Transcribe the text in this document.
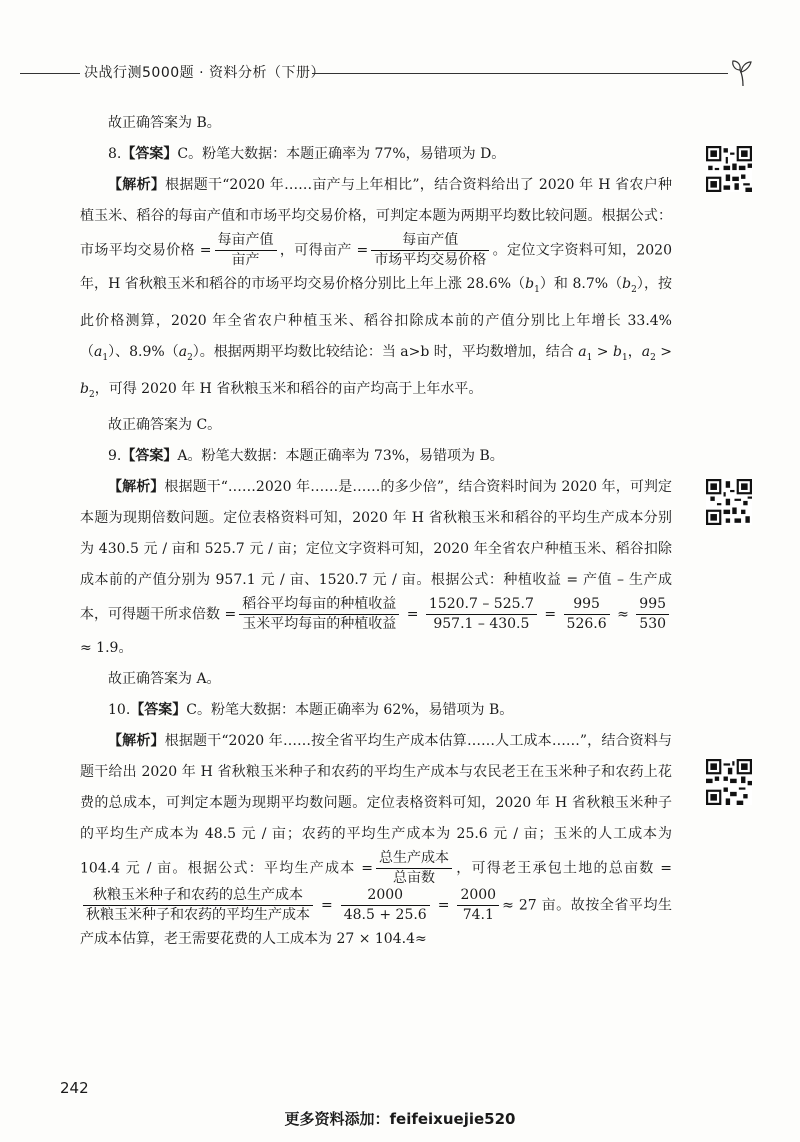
决战行测5000题 · 资料分析（下册）

故正确答案为 B。

8.【答案】C。粉笔大数据：本题正确率为 77%，易错项为 D。

【解析】根据题干“2020 年……亩产与上年相比”，结合资料给出了 2020 年 H 省农户种植玉米、稻谷的每亩产值和市场平均交易价格，可判定本题为两期平均数比较问题。根据公式：市场平均交易价格 = $\frac{\text{每亩产值}}{\text{亩产}}$ ，可得亩产 = $\frac{\text{每亩产值}}{\text{市场平均交易价格}}$ 。定位文字资料可知，2020 年，H 省秋粮玉米和稻谷的市场平均交易价格分别比上年上涨 $28.6\%(b_1)$和 $8.7\%(b_2)$，按此价格测算，2020 年全省农户种植玉米、稻谷扣除成本前的产值分别比上年增长 $33.4\%(a_1)$、$8.9\%(a_2)$。根据两期平均数比较结论：当 a>b 时，平均数增加，结合 $a_1 > b_1$，$a_2 > b_2$，可得 2020 年 H 省秋粮玉米和稻谷的亩产均高于上年水平。

故正确答案为 C。

9.【答案】A。粉笔大数据：本题正确率为 73%，易错项为 B。

【解析】根据题干“……2020 年……是……的多少倍”，结合资料时间为 2020 年，可判定本题为现期倍数问题。定位表格资料可知，2020 年 H 省秋粮玉米和稻谷的平均生产成本分别为 430.5 元 / 亩和 525.7 元 / 亩；定位文字资料可知，2020 年全省农户种植玉米、稻谷扣除成本前的产值分别为 957.1 元 / 亩、1520.7 元 / 亩。根据公式：种植收益 = 产值 – 生产成本，可得题干所求倍数 = $\frac{\text{稻谷平均每亩的种植收益}}{\text{玉米平均每亩的种植收益}} = \frac{1520.7 - 525.7}{957.1 - 430.5} = \frac{995}{526.6} \approx \frac{995}{530}$
≈ 1.9。

故正确答案为 A。

10.【答案】C。粉笔大数据：本题正确率为 62%，易错项为 B。

【解析】根据题干“2020 年……按全省平均生产成本估算……人工成本……”，结合资料与题干给出 2020 年 H 省秋粮玉米种子和农药的平均生产成本与农民老王在玉米种子和农药上花费的总成本，可判定本题为现期平均数问题。定位表格资料可知，2020 年 H 省秋粮玉米种子的平均生产成本为 48.5 元 / 亩；农药的平均生产成本为 25.6 元 / 亩；玉米的人工成本为 104.4 元 / 亩。根据公式：平均生产成本 = $\frac{\text{总生产成本}}{\text{总亩数}}$ ，可得老王承包土地的总亩数 =
$\frac{\text{秋粮玉米种子和农药的总生产成本}}{\text{秋粮玉米种子和农药的平均生产成本}} = \frac{2000}{48.5 + 25.6} = \frac{2000}{74.1} \approx 27$ 亩。故按全省平均生产成本估算，老王需要花费的人工成本为 27 × 104.4≈

242
更多资料添加：feifeixuejie520
